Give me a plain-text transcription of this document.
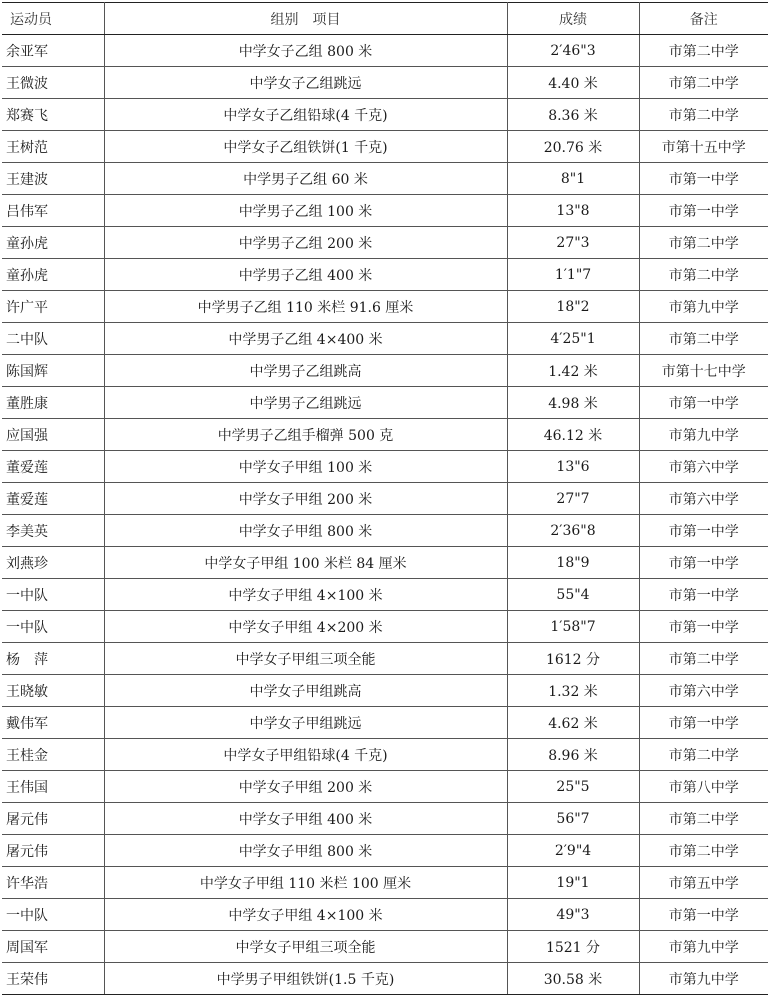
运动员	组别　项目	成绩	备注
余亚军	中学女子乙组 800 米	2′46"3	市第二中学
王微波	中学女子乙组跳远	4.40 米	市第二中学
郑赛飞	中学女子乙组铅球(4 千克)	8.36 米	市第二中学
王树范	中学女子乙组铁饼(1 千克)	20.76 米	市第十五中学
王建波	中学男子乙组 60 米	8"1	市第一中学
吕伟军	中学男子乙组 100 米	13"8	市第一中学
童孙虎	中学男子乙组 200 米	27"3	市第二中学
童孙虎	中学男子乙组 400 米	1′1"7	市第二中学
许广平	中学男子乙组 110 米栏 91.6 厘米	18"2	市第九中学
二中队	中学男子乙组 4×400 米	4′25"1	市第二中学
陈国辉	中学男子乙组跳高	1.42 米	市第十七中学
董胜康	中学男子乙组跳远	4.98 米	市第一中学
应国强	中学男子乙组手榴弹 500 克	46.12 米	市第九中学
董爱莲	中学女子甲组 100 米	13"6	市第六中学
董爱莲	中学女子甲组 200 米	27"7	市第六中学
李美英	中学女子甲组 800 米	2′36"8	市第一中学
刘燕珍	中学女子甲组 100 米栏 84 厘米	18"9	市第一中学
一中队	中学女子甲组 4×100 米	55"4	市第一中学
一中队	中学女子甲组 4×200 米	1′58"7	市第一中学
杨　萍	中学女子甲组三项全能	1612 分	市第二中学
王晓敏	中学女子甲组跳高	1.32 米	市第六中学
戴伟军	中学女子甲组跳远	4.62 米	市第一中学
王桂金	中学女子甲组铅球(4 千克)	8.96 米	市第二中学
王伟国	中学女子甲组 200 米	25"5	市第八中学
屠元伟	中学女子甲组 400 米	56"7	市第二中学
屠元伟	中学女子甲组 800 米	2′9"4	市第二中学
许华浩	中学女子甲组 110 米栏 100 厘米	19"1	市第五中学
一中队	中学女子甲组 4×100 米	49"3	市第一中学
周国军	中学女子甲组三项全能	1521 分	市第九中学
王荣伟	中学男子甲组铁饼(1.5 千克)	30.58 米	市第九中学
